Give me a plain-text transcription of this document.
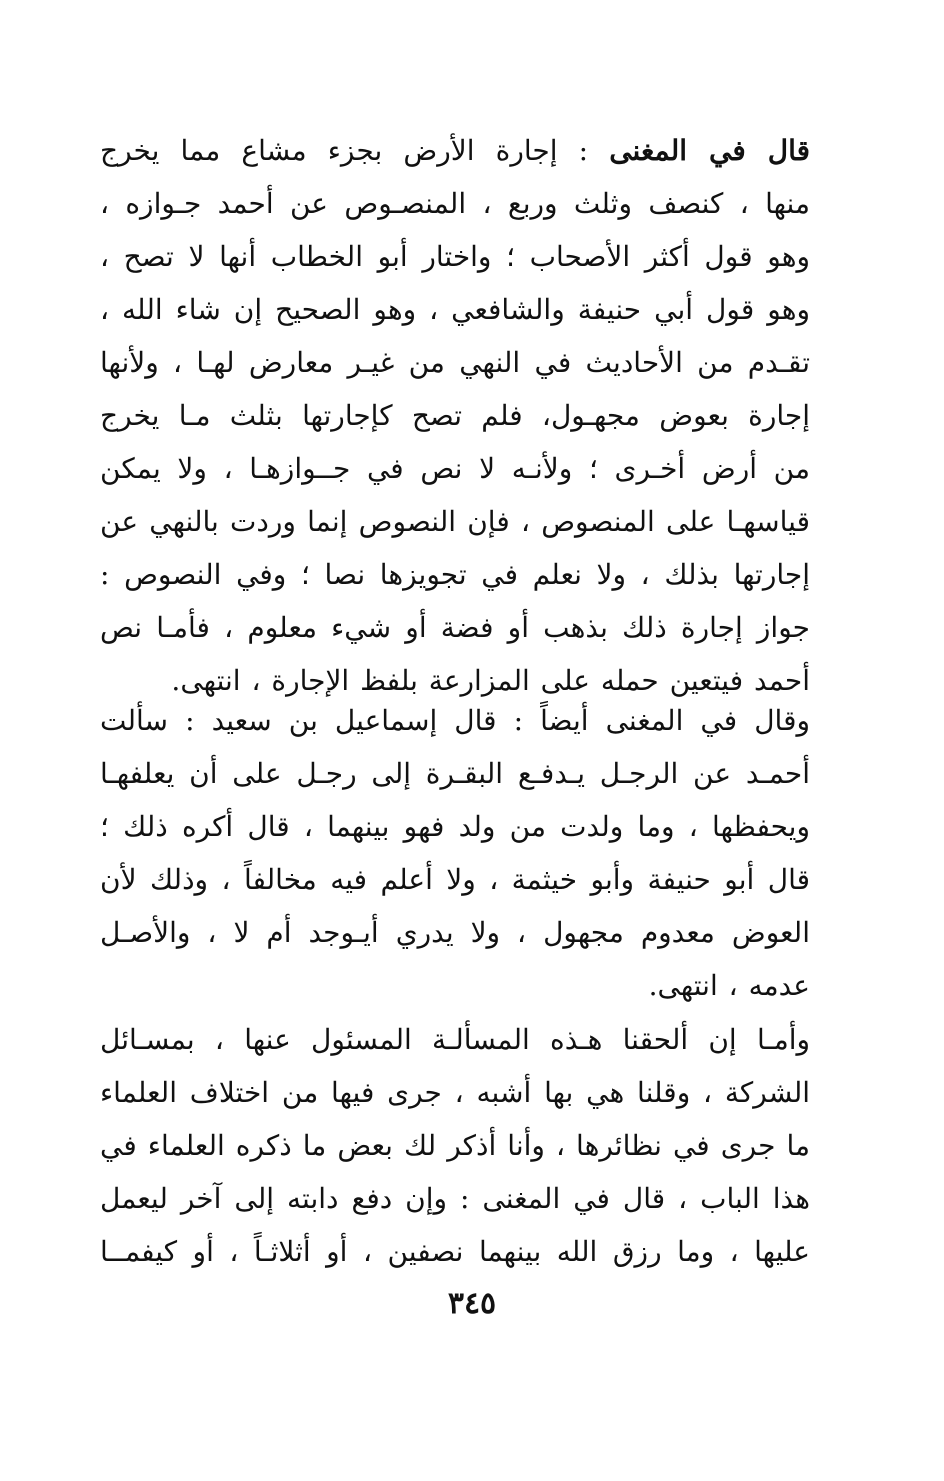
قال في المغنى : إجارة الأرض بجزء مشاع مما يخرج
منها ، كنصف وثلث وربع ، المنصـوص عن أحمد جـوازه ،
وهو قول أكثر الأصحاب ؛ واختار أبو الخطاب أنها لا تصح ،
وهو قول أبي حنيفة والشافعي ، وهو الصحيح إن شاء الله ،
تقـدم من الأحاديث في النهي من غيـر معارض لهـا ، ولأنها
إجارة بعوض مجهـول، فلم تصح كإجارتها بثلث مـا يخرج
من أرض أخـرى ؛ ولأنـه لا نص في جــوازهـا ، ولا يمكن
قياسهـا على المنصوص ، فإن النصوص إنما وردت بالنهي عن
إجارتها بذلك ، ولا نعلم في تجويزها نصا ؛ وفي النصوص :
جواز إجارة ذلك بذهب أو فضة أو شيء معلوم ، فأمـا نص
أحمد فيتعين حمله على المزارعة بلفظ الإجارة ، انتهى.
وقال في المغنى أيضاً : قال إسماعيل بن سعيد : سألت
أحمـد عن الرجـل يـدفـع البقـرة إلى رجـل على أن يعلفهـا
ويحفظها ، وما ولدت من ولد فهو بينهما ، قال أكره ذلك ؛
قال أبو حنيفة وأبو خيثمة ، ولا أعلم فيه مخالفاً ، وذلك لأن
العوض معدوم مجهول ، ولا يدري أيـوجد أم لا ، والأصـل
عدمه ، انتهى.
وأمـا إن ألحقنا هـذه المسألـة المسئول عنها ، بمسـائل
الشركة ، وقلنا هي بها أشبه ، جرى فيها من اختلاف العلماء
ما جرى في نظائرها ، وأنا أذكر لك بعض ما ذكره العلماء في
هذا الباب ، قال في المغنى : وإن دفع دابته إلى آخر ليعمل
عليها ، وما رزق الله بينهما نصفين ، أو أثلاثـاً ، أو كيفمــا
٣٤٥
